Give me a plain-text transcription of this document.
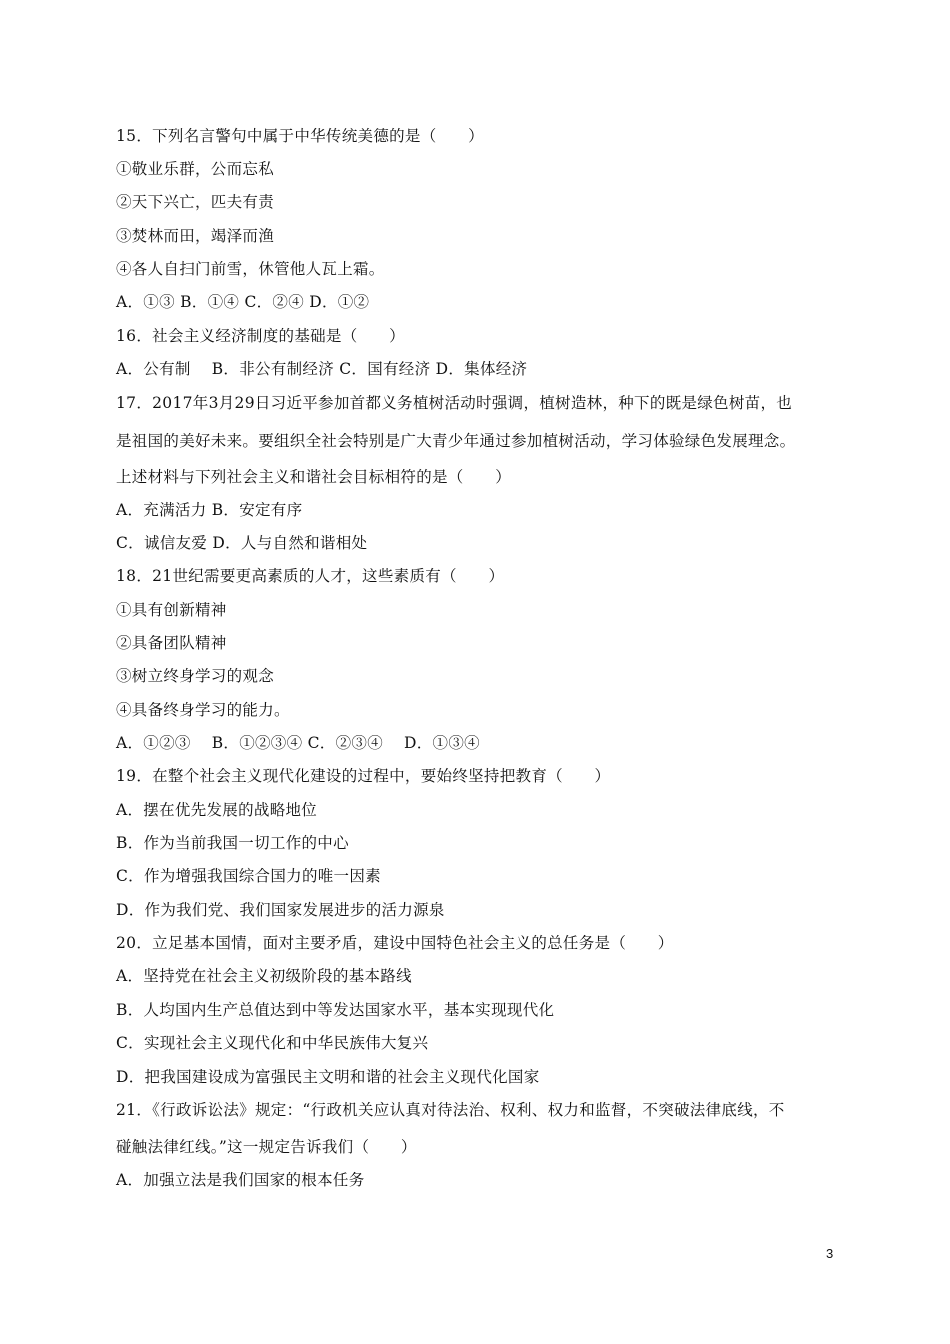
15．下列名言警句中属于中华传统美德的是（　　）
①敬业乐群，公而忘私
②天下兴亡，匹夫有责
③焚林而田，竭泽而渔
④各人自扫门前雪，休管他人瓦上霜。
A．①③ B．①④ C．②④ D．①②
16．社会主义经济制度的基础是（　　）
A．公有制　 B．非公有制经济 C．国有经济 D．集体经济
17．2017年3月29日习近平参加首都义务植树活动时强调，植树造林，种下的既是绿色树苗，也
是祖国的美好未来。要组织全社会特别是广大青少年通过参加植树活动，学习体验绿色发展理念。
上述材料与下列社会主义和谐社会目标相符的是（　　）
A．充满活力 B．安定有序
C．诚信友爱 D．人与自然和谐相处
18．21世纪需要更高素质的人才，这些素质有（　　）
①具有创新精神
②具备团队精神
③树立终身学习的观念
④具备终身学习的能力。
A．①②③　 B．①②③④ C．②③④　 D．①③④
19．在整个社会主义现代化建设的过程中，要始终坚持把教育（　　）
A．摆在优先发展的战略地位
B．作为当前我国一切工作的中心
C．作为增强我国综合国力的唯一因素
D．作为我们党、我们国家发展进步的活力源泉
20．立足基本国情，面对主要矛盾，建设中国特色社会主义的总任务是（　　）
A．坚持党在社会主义初级阶段的基本路线
B．人均国内生产总值达到中等发达国家水平，基本实现现代化
C．实现社会主义现代化和中华民族伟大复兴
D．把我国建设成为富强民主文明和谐的社会主义现代化国家
21．《行政诉讼法》规定：“行政机关应认真对待法治、权利、权力和监督，不突破法律底线，不
碰触法律红线。”这一规定告诉我们（　　）
A．加强立法是我们国家的根本任务
3
